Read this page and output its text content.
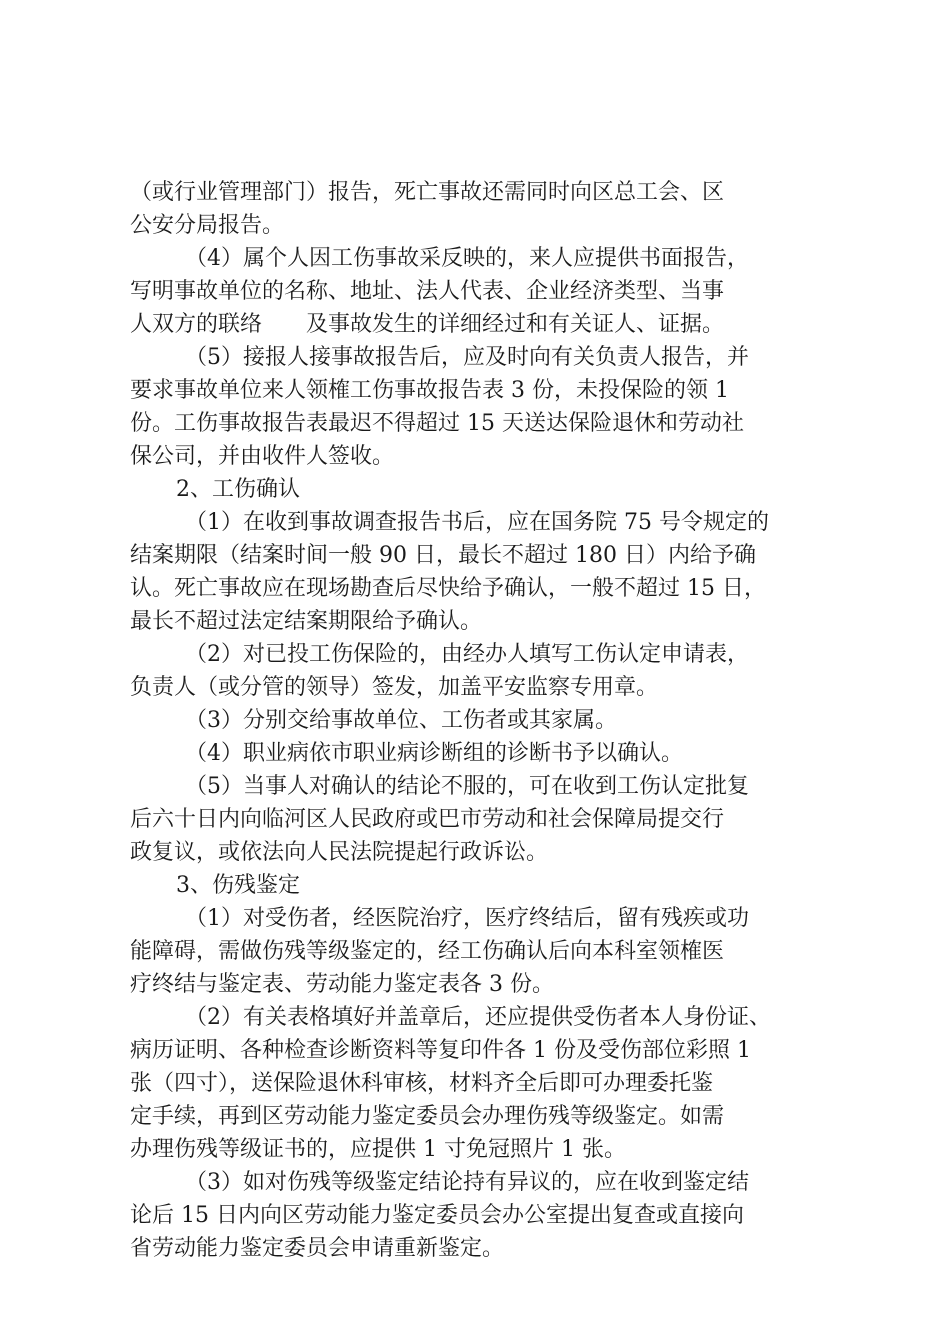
（或行业管理部门）报告，死亡事故还需同时向区总工会、区
公安分局报告。
（4）属个人因工伤事故采反映的，来人应提供书面报告，
写明事故单位的名称、地址、法人代表、企业经济类型、当事
人双方的联络　　及事故发生的详细经过和有关证人、证据。
（5）接报人接事故报告后，应及时向有关负责人报告，并
要求事故单位来人领榷工伤事故报告表 3 份，未投保险的领 1
份。工伤事故报告表最迟不得超过 15 天送达保险退休和劳动社
保公司，并由收件人签收。
2、工伤确认
（1）在收到事故调查报告书后，应在国务院 75 号令规定的
结案期限（结案时间一般 90 日，最长不超过 180 日）内给予确
认。死亡事故应在现场勘查后尽快给予确认，一般不超过 15 日，
最长不超过法定结案期限给予确认。
（2）对已投工伤保险的，由经办人填写工伤认定申请表，
负责人（或分管的领导）签发，加盖平安监察专用章。
（3）分别交给事故单位、工伤者或其家属。
（4）职业病依市职业病诊断组的诊断书予以确认。
（5）当事人对确认的结论不服的，可在收到工伤认定批复
后六十日内向临河区人民政府或巴市劳动和社会保障局提交行
政复议，或依法向人民法院提起行政诉讼。
3、伤残鉴定
（1）对受伤者，经医院治疗，医疗终结后，留有残疾或功
能障碍，需做伤残等级鉴定的，经工伤确认后向本科室领榷医
疗终结与鉴定表、劳动能力鉴定表各 3 份。
（2）有关表格填好并盖章后，还应提供受伤者本人身份证、
病历证明、各种检查诊断资料等复印件各 1 份及受伤部位彩照 1
张（四寸），送保险退休科审核，材料齐全后即可办理委托鉴
定手续，再到区劳动能力鉴定委员会办理伤残等级鉴定。如需
办理伤残等级证书的，应提供 1 寸免冠照片 1 张。
（3）如对伤残等级鉴定结论持有异议的，应在收到鉴定结
论后 15 日内向区劳动能力鉴定委员会办公室提出复查或直接向
省劳动能力鉴定委员会申请重新鉴定。
